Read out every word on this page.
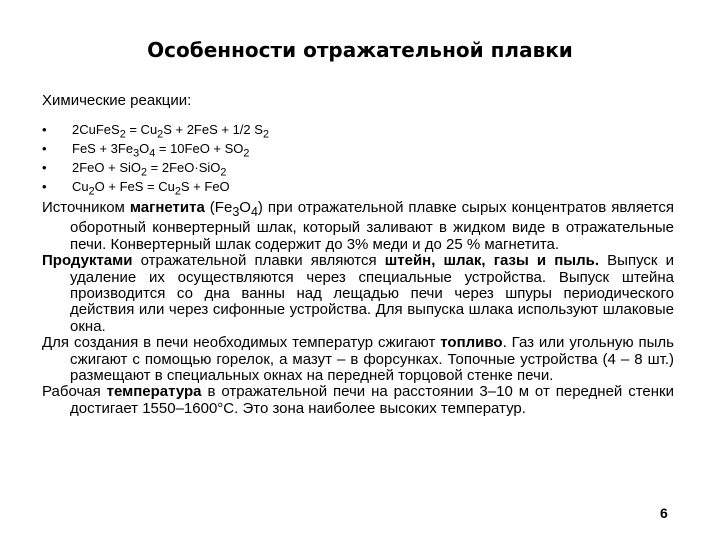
Особенности отражательной плавки
Химические реакции:
• 2CuFeS$_2$ = $Cu_2S + 2FeS + 1/2$ $S_2$
• FeS + $3Fe_3O_4 = 10FeO + SO_2$
• 2FeO + SiO$_2$ = 2FeO·SiO$_2$
• $Cu_2O$ + FeS = $Cu_2S$ + FeO

Источником магнетита $(Fe_3O_4)$ при отражательной плавке сырых концентратов является оборотный конвертерный шлак, который заливают в жидком виде в отражательные печи. Конвертерный шлак содержит до 3% меди и до 25 % магнетита.

Продуктами отражательной плавки являются штейн, шлак, газы и пыль. Выпуск и удаление их осуществляются через специальные устройства. Выпуск штейна производится со дна ванны над лещадью печи через шпуры периодического действия или через сифонные устройства. Для выпуска шлака используют шлаковые окна.

Для создания в печи необходимых температур сжигают топливо. Газ или угольную пыль сжигают с помощью горелок, а мазут – в форсунках. Топочные устройства (4 – 8 шт.) размещают в специальных окнах на передней торцовой стенке печи.

Рабочая температура в отражательной печи на расстоянии 3–10 м от передней стенки достигает 1550–1600°С. Это зона наиболее высоких температур.

6
